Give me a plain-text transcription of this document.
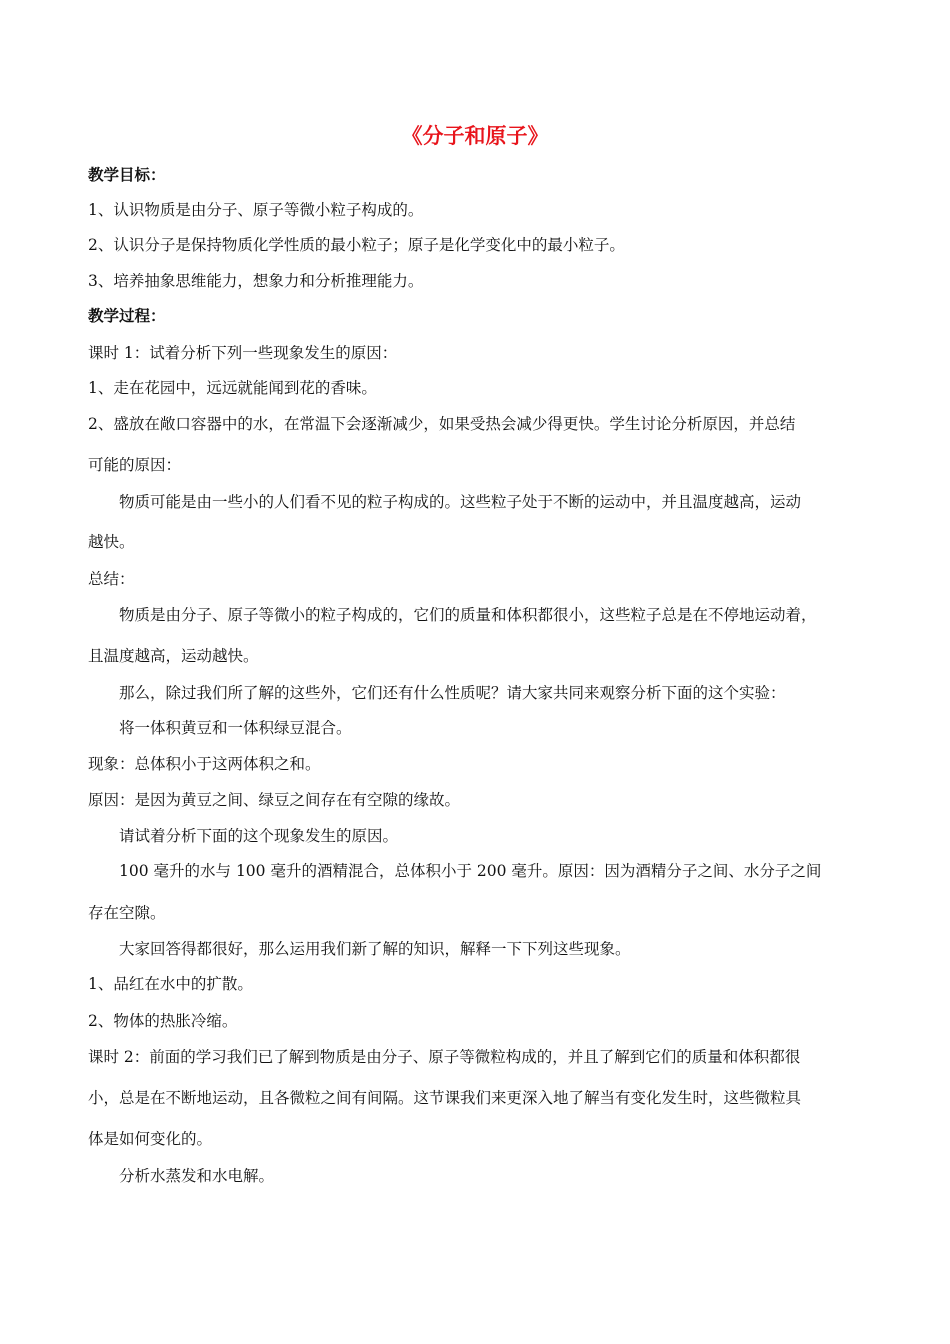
《分子和原子》
教学目标：
1、认识物质是由分子、原子等微小粒子构成的。
2、认识分子是保持物质化学性质的最小粒子；原子是化学变化中的最小粒子。
3、培养抽象思维能力，想象力和分析推理能力。
教学过程：
课时 1：试着分析下列一些现象发生的原因：
1、走在花园中，远远就能闻到花的香味。
2、盛放在敞口容器中的水，在常温下会逐渐减少，如果受热会减少得更快。学生讨论分析原因，并总结
可能的原因：
物质可能是由一些小的人们看不见的粒子构成的。这些粒子处于不断的运动中，并且温度越高，运动
越快。
总结：
物质是由分子、原子等微小的粒子构成的，它们的质量和体积都很小，这些粒子总是在不停地运动着，
且温度越高，运动越快。
那么，除过我们所了解的这些外，它们还有什么性质呢？请大家共同来观察分析下面的这个实验：
将一体积黄豆和一体积绿豆混合。
现象：总体积小于这两体积之和。
原因：是因为黄豆之间、绿豆之间存在有空隙的缘故。
请试着分析下面的这个现象发生的原因。
100 毫升的水与 100 毫升的酒精混合，总体积小于 200 毫升。原因：因为酒精分子之间、水分子之间
存在空隙。
大家回答得都很好，那么运用我们新了解的知识，解释一下下列这些现象。
1、品红在水中的扩散。
2、物体的热胀冷缩。
课时 2：前面的学习我们已了解到物质是由分子、原子等微粒构成的，并且了解到它们的质量和体积都很
小，总是在不断地运动，且各微粒之间有间隔。这节课我们来更深入地了解当有变化发生时，这些微粒具
体是如何变化的。
分析水蒸发和水电解。
